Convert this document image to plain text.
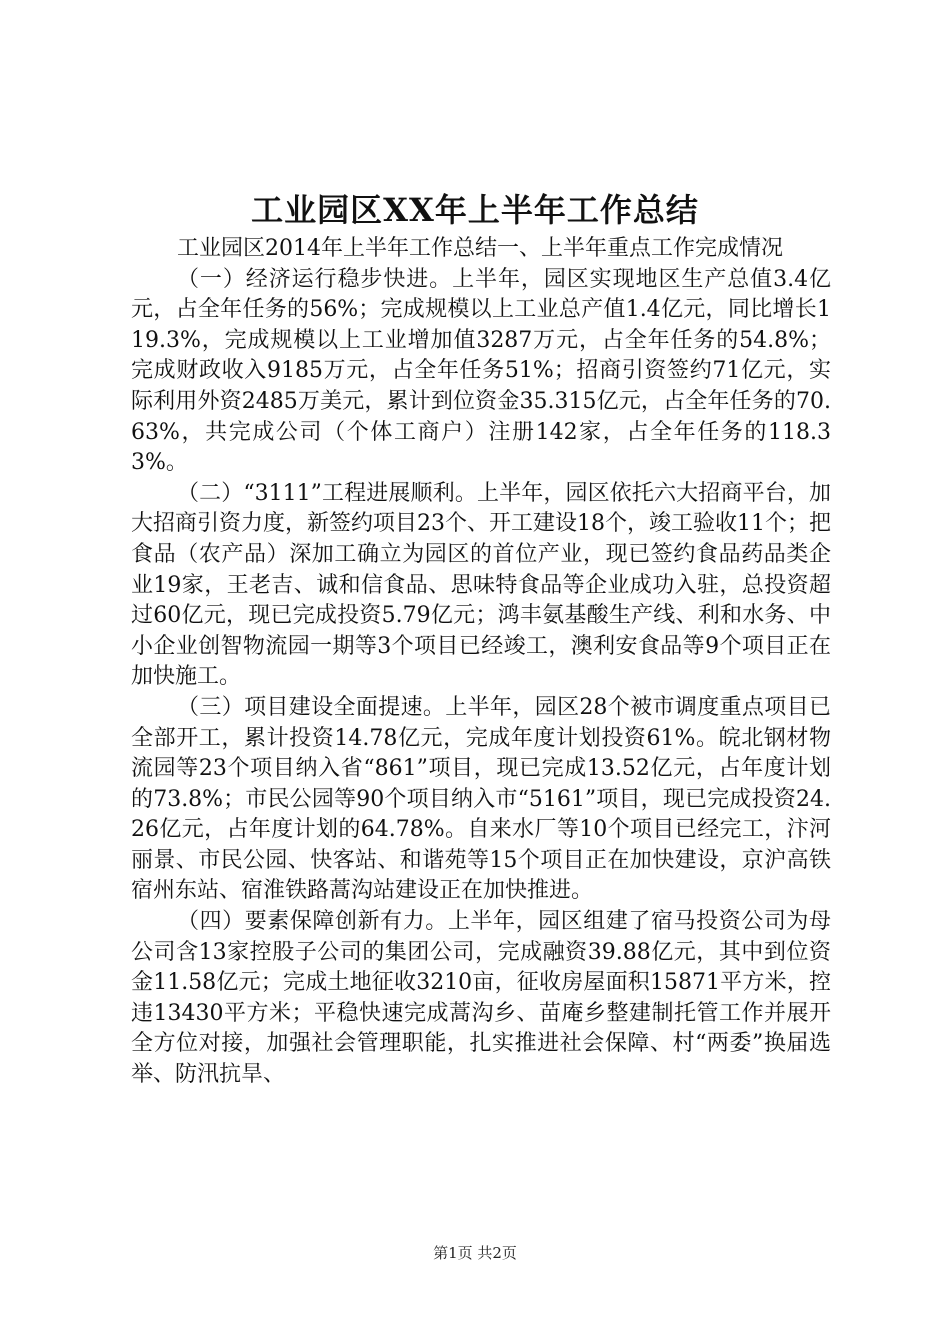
工业园区XX年上半年工作总结

工业园区2014年上半年工作总结一、上半年重点工作完成情况

（一）经济运行稳步快进。上半年，园区实现地区生产总值3.4亿元，占全年任务的56%；完成规模以上工业总产值1.4亿元，同比增长119.3%，完成规模以上工业增加值3287万元，占全年任务的54.8%；完成财政收入9185万元，占全年任务51%；招商引资签约71亿元，实际利用外资2485万美元，累计到位资金35.315亿元，占全年任务的70.63%，共完成公司（个体工商户）注册142家，占全年任务的118.33%。

（二）“3111”工程进展顺利。上半年，园区依托六大招商平台，加大招商引资力度，新签约项目23个、开工建设18个，竣工验收11个；把食品（农产品）深加工确立为园区的首位产业，现已签约食品药品类企业19家，王老吉、诚和信食品、思味特食品等企业成功入驻，总投资超过60亿元，现已完成投资5.79亿元；鸿丰氨基酸生产线、利和水务、中小企业创智物流园一期等3个项目已经竣工，澳利安食品等9个项目正在加快施工。

（三）项目建设全面提速。上半年，园区28个被市调度重点项目已全部开工，累计投资14.78亿元，完成年度计划投资61%。皖北钢材物流园等23个项目纳入省“861”项目，现已完成13.52亿元，占年度计划的73.8%；市民公园等90个项目纳入市“5161”项目，现已完成投资24.26亿元，占年度计划的64.78%。自来水厂等10个项目已经完工，汴河丽景、市民公园、快客站、和谐苑等15个项目正在加快建设，京沪高铁宿州东站、宿淮铁路蒿沟站建设正在加快推进。

（四）要素保障创新有力。上半年，园区组建了宿马投资公司为母公司含13家控股子公司的集团公司，完成融资39.88亿元，其中到位资金11.58亿元；完成土地征收3210亩，征收房屋面积15871平方米，控违13430平方米；平稳快速完成蒿沟乡、苗庵乡整建制托管工作并展开全方位对接，加强社会管理职能，扎实推进社会保障、村“两委”换届选举、防汛抗旱、

第1页 共2页
